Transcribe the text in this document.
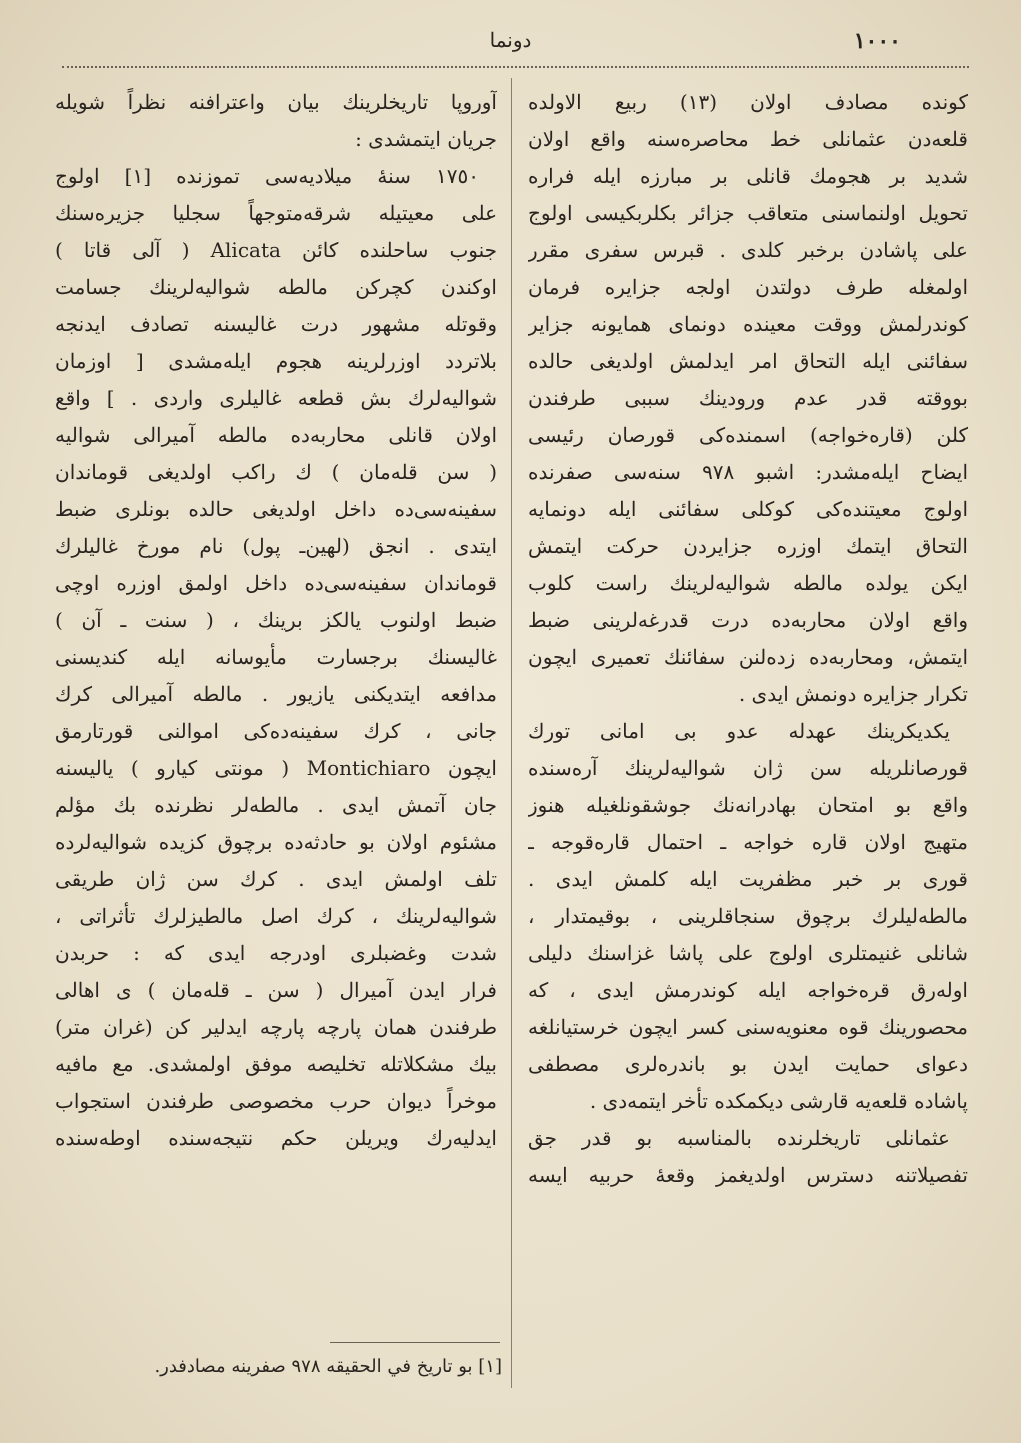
١٠٠٠
دونما
كونده مصادف اولان (١٣) ربيع الاولده
قلعه‌دن عثمانلى خط محاصره‌سنه واقع اولان
شديد بر هجومك قانلى بر مبارزه ايله فراره
تحويل اولنماسنى متعاقب جزائر بكلربكيسى اولوج
على پاشادن برخبر كلدى . قبرس سفرى مقرر
اولمغله طرف دولتدن اولجه جزايره فرمان
كوندرلمش ووقت معينده دونماى همايونه جزاير
سفائنى ايله التحاق امر ايدلمش اولديغى حالده
بووقته قدر عدم ورودينك سببى طرفندن
كلن (قاره‌خواجه) اسمنده‌كى قورصان رئيسى
ايضاح ايله‌مشدر: اشبو ٩٧٨ سنه‌سى صفرنده
اولوج معيتنده‌كى كوكلى سفائنى ايله دونمايه
التحاق ايتمك اوزره جزايردن حركت ايتمش
ايكن يولده مالطه شواليه‌لرينك راست كلوب
واقع اولان محاربه‌ده درت قدرغه‌لرينى ضبط
ايتمش، ومحاربه‌ده زده‌لنن سفائنك تعميرى ايچون
تكرار جزايره دونمش ايدى .
يكديكرينك عهدله عدو بى امانى تورك
قورصانلريله سن ژان شواليه‌لرينك آره‌سنده
واقع بو امتحان بهادرانه‌نك جوشقونلغيله هنوز
متهيج اولان قاره خواجه ـ احتمال قاره‌قوجه ـ
قورى بر خبر مظفريت ايله كلمش ايدى .
مالطه‌ليلرك برچوق سنجاقلرينى ، بوقيمتدار ،
شانلى غنيمتلرى اولوج على پاشا غزاسنك دليلى
اوله‌رق قره‌خواجه ايله كوندرمش ايدى ، كه
محصورينك قوه معنويه‌سنى كسر ايچون خرستيانلغه
دعواى حمايت ايدن بو باندره‌لرى مصطفى
پاشاده قلعه‌يه قارشى ديكمكده تأخر ايتمه‌دى .
عثمانلى تاريخلرنده بالمناسبه بو قدر جق
تفصيلاتنه دسترس اولديغمز وقعهٔ حربيه ايسه
آوروپا تاريخلرينك بيان واعترافنه نظراً شويله
جريان ايتمشدى :
١٧٥٠ سنهٔ ميلاديه‌سى تموزنده [١] اولوج
على معيتيله شرقه‌متوجهاً سجليا جزيره‌سنك
جنوب ساحلنده كائن Alicata ( آلى قاتا )
اوكندن كچركن مالطه شواليه‌لرينك جسامت
وقوتله مشهور درت غاليسنه تصادف ايدنجه
بلاتردد اوزرلرينه هجوم ايله‌مشدى [ اوزمان
شواليه‌لرك بش قطعه غاليلرى واردى . ] واقع
اولان قانلى محاربه‌ده مالطه آميرالى شواليه
( سن قله‌مان ) ك راكب اولديغى قوماندان
سفينه‌سى‌ده داخل اولديغى حالده بونلرى ضبط
ايتدى . انجق (لهين‌ـ پول) نام مورخ غاليلرك
قوماندان سفينه‌سى‌ده داخل اولمق اوزره اوچى
ضبط اولنوب يالكز برينك ، ( سنت ـ آن )
غاليسنك برجسارت مأيوسانه ايله كنديسنى
مدافعه ايتديكنى يازيور . مالطه آميرالى كرك
جانى ، كرك سفينه‌ده‌كى اموالنى قورتارمق
ايچون Montichiaro ( مونتى كيارو ) ياليسنه
جان آتمش ايدى . مالطه‌لر نظرنده بك مؤلم
مشئوم اولان بو حادثه‌ده برچوق كزيده شواليه‌لرده
تلف اولمش ايدى . كرك سن ژان طريقى
شواليه‌لرينك ، كرك اصل مالطيزلرك تأثراتى ،
شدت وغضبلرى اودرجه ايدى كه : حربدن
فرار ايدن آميرال ( سن ـ قله‌مان ) ى اهالى
طرفندن همان پارچه پارچه ايدلير كن (غران متر)
بيك مشكلاتله تخليصه موفق اولمشدى. مع مافيه
موخراً ديوان حرب مخصوصى طرفندن استجواب
ايدليه‌رك ويريلن حكم نتيجه‌سنده اوطه‌سنده
[١] بو تاريخ في الحقيقه ٩٧٨ صفرينه مصادفدر.
